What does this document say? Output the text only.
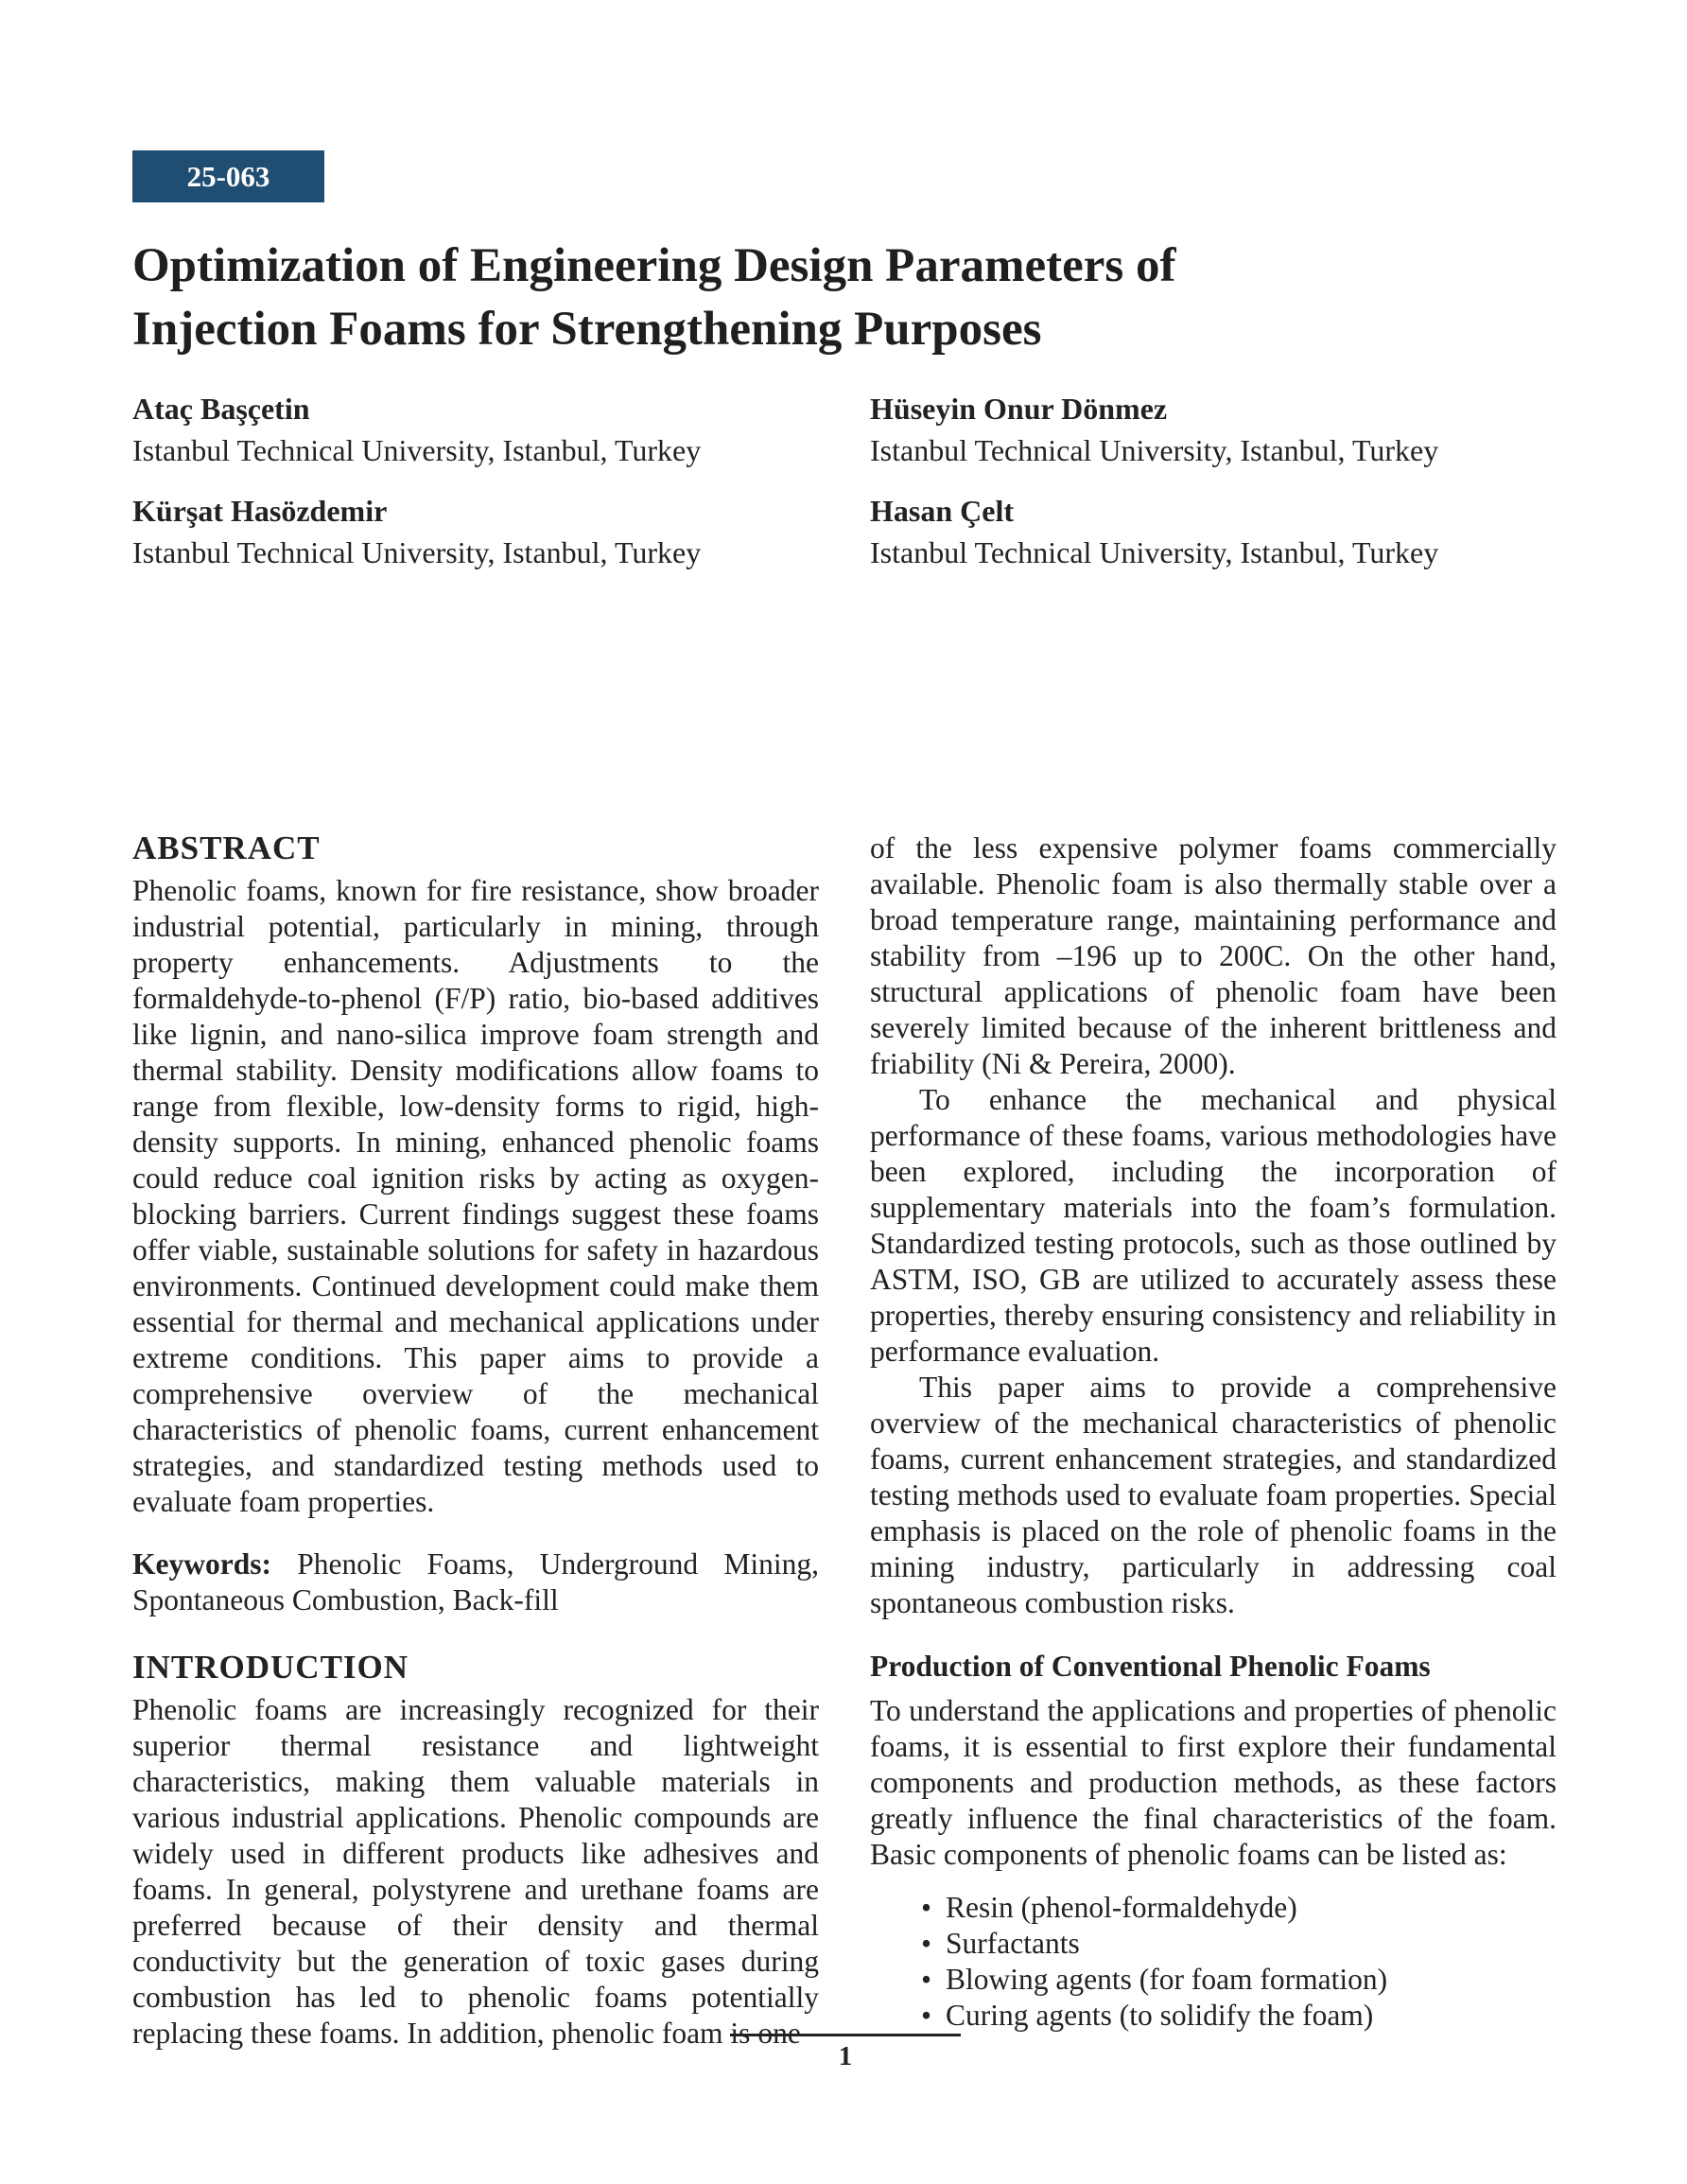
25-063
Optimization of Engineering Design Parameters of
Injection Foams for Strengthening Purposes
Ataç Başçetin
Istanbul Technical University, Istanbul, Turkey
Hüseyin Onur Dönmez
Istanbul Technical University, Istanbul, Turkey
Kürşat Hasözdemir
Istanbul Technical University, Istanbul, Turkey
Hasan Çelt
Istanbul Technical University, Istanbul, Turkey
ABSTRACT

Phenolic foams, known for fire resistance, show broader industrial potential, particularly in mining, through property enhancements. Adjustments to the formaldehyde-to-phenol (F/P) ratio, bio-based additives like lignin, and nano-silica improve foam strength and thermal stability. Density modifications allow foams to range from flexible, low-density forms to rigid, high-density supports. In mining, enhanced phenolic foams could reduce coal ignition risks by acting as oxygen-blocking barriers. Current findings suggest these foams offer viable, sustainable solutions for safety in hazardous environments. Continued development could make them essential for thermal and mechanical applications under extreme conditions. This paper aims to provide a comprehensive overview of the mechanical characteristics of phenolic foams, current enhancement strategies, and standardized testing methods used to evaluate foam properties.

Keywords: Phenolic Foams, Underground Mining, Spontaneous Combustion, Back-fill

INTRODUCTION

Phenolic foams are increasingly recognized for their superior thermal resistance and lightweight characteristics, making them valuable materials in various industrial applications. Phenolic compounds are widely used in different products like adhesives and foams. In general, polystyrene and urethane foams are preferred because of their density and thermal conductivity but the generation of toxic gases during combustion has led to phenolic foams potentially replacing these foams. In addition, phenolic foam is one

of the less expensive polymer foams commercially available. Phenolic foam is also thermally stable over a broad temperature range, maintaining performance and stability from –196 up to 200C. On the other hand, structural applications of phenolic foam have been severely limited because of the inherent brittleness and friability (Ni & Pereira, 2000).

To enhance the mechanical and physical performance of these foams, various methodologies have been explored, including the incorporation of supplementary materials into the foam’s formulation. Standardized testing protocols, such as those outlined by ASTM, ISO, GB are utilized to accurately assess these properties, thereby ensuring consistency and reliability in performance evaluation.

This paper aims to provide a comprehensive overview of the mechanical characteristics of phenolic foams, current enhancement strategies, and standardized testing methods used to evaluate foam properties. Special emphasis is placed on the role of phenolic foams in the mining industry, particularly in addressing coal spontaneous combustion risks.

Production of Conventional Phenolic Foams

To understand the applications and properties of phenolic foams, it is essential to first explore their fundamental components and production methods, as these factors greatly influence the final characteristics of the foam. Basic components of phenolic foams can be listed as:

• Resin (phenol-formaldehyde)
• Surfactants
• Blowing agents (for foam formation)
• Curing agents (to solidify the foam)
1
